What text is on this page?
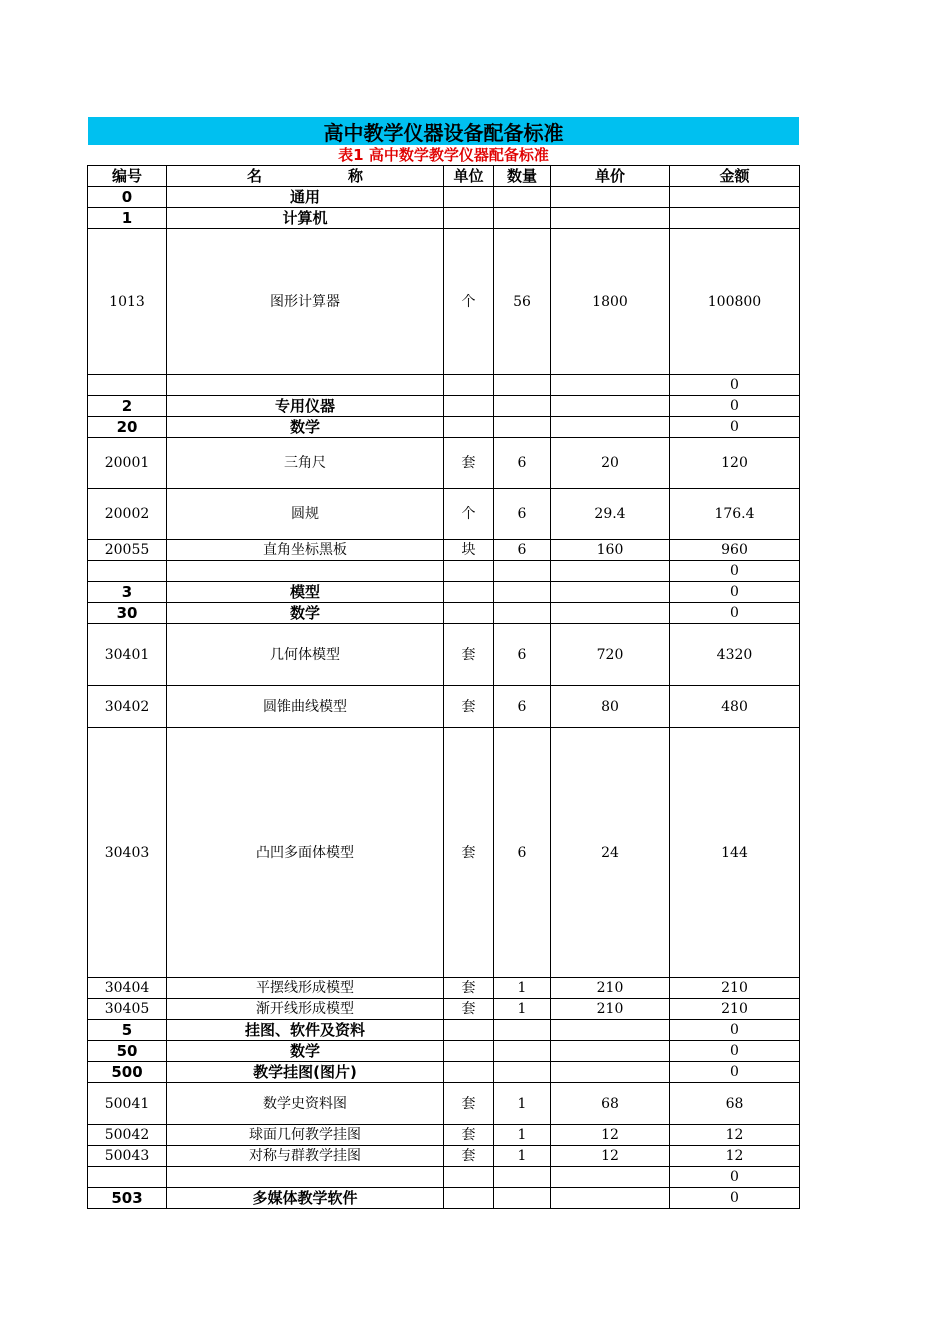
高中教学仪器设备配备标准
表1 高中数学教学仪器配备标准
编号	名 称	单位	数量	单价	金额
0	通用				
1	计算机				
1013	图形计算器	个	56	1800	100800
					0
2	专用仪器				0
20	数学				0
20001	三角尺	套	6	20	120
20002	圆规	个	6	29.4	176.4
20055	直角坐标黑板	块	6	160	960
					0
3	模型				0
30	数学				0
30401	几何体模型	套	6	720	4320
30402	圆锥曲线模型	套	6	80	480
30403	凸凹多面体模型	套	6	24	144
30404	平摆线形成模型	套	1	210	210
30405	渐开线形成模型	套	1	210	210
5	挂图、软件及资料				0
50	数学				0
500	教学挂图(图片)				0
50041	数学史资料图	套	1	68	68
50042	球面几何教学挂图	套	1	12	12
50043	对称与群教学挂图	套	1	12	12
					0
503	多媒体教学软件				0
